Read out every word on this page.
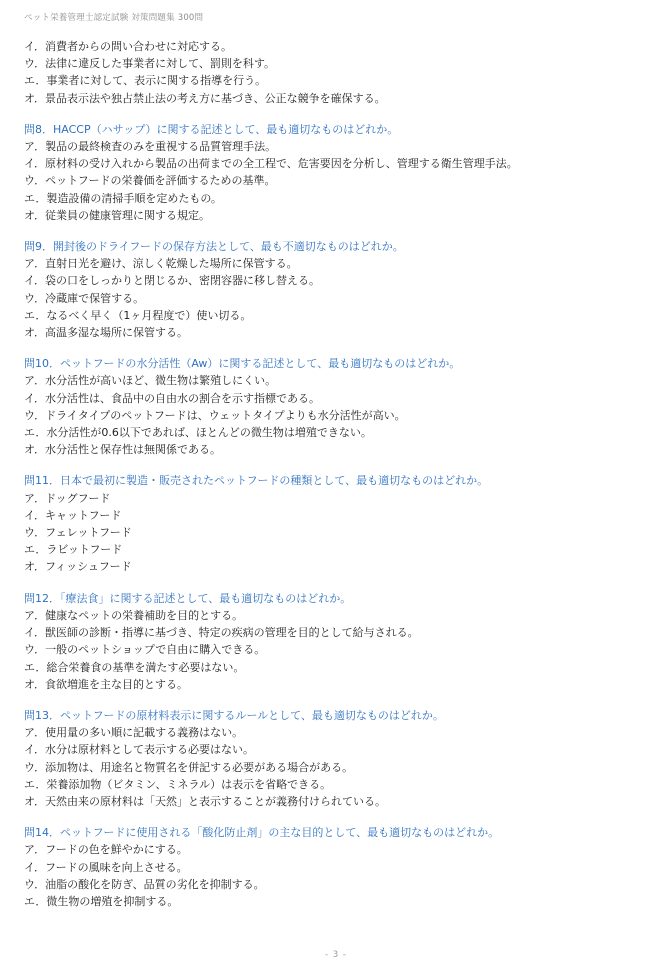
ペット栄養管理士認定試験 対策問題集 300問
イ．消費者からの問い合わせに対応する。
ウ．法律に違反した事業者に対して、罰則を科す。
エ．事業者に対して、表示に関する指導を行う。
オ．景品表示法や独占禁止法の考え方に基づき、公正な競争を確保する。
問8．HACCP（ハサップ）に関する記述として、最も適切なものはどれか。
ア．製品の最終検査のみを重視する品質管理手法。
イ．原材料の受け入れから製品の出荷までの全工程で、危害要因を分析し、管理する衛生管理手法。
ウ．ペットフードの栄養価を評価するための基準。
エ．製造設備の清掃手順を定めたもの。
オ．従業員の健康管理に関する規定。
問9．開封後のドライフードの保存方法として、最も不適切なものはどれか。
ア．直射日光を避け、涼しく乾燥した場所に保管する。
イ．袋の口をしっかりと閉じるか、密閉容器に移し替える。
ウ．冷蔵庫で保管する。
エ．なるべく早く（1ヶ月程度で）使い切る。
オ．高温多湿な場所に保管する。
問10．ペットフードの水分活性（Aw）に関する記述として、最も適切なものはどれか。
ア．水分活性が高いほど、微生物は繁殖しにくい。
イ．水分活性は、食品中の自由水の割合を示す指標である。
ウ．ドライタイプのペットフードは、ウェットタイプよりも水分活性が高い。
エ．水分活性が0.6以下であれば、ほとんどの微生物は増殖できない。
オ．水分活性と保存性は無関係である。
問11．日本で最初に製造・販売されたペットフードの種類として、最も適切なものはどれか。
ア．ドッグフード
イ．キャットフード
ウ．フェレットフード
エ．ラビットフード
オ．フィッシュフード
問12．「療法食」に関する記述として、最も適切なものはどれか。
ア．健康なペットの栄養補助を目的とする。
イ．獣医師の診断・指導に基づき、特定の疾病の管理を目的として給与される。
ウ．一般のペットショップで自由に購入できる。
エ．総合栄養食の基準を満たす必要はない。
オ．食欲増進を主な目的とする。
問13．ペットフードの原材料表示に関するルールとして、最も適切なものはどれか。
ア．使用量の多い順に記載する義務はない。
イ．水分は原材料として表示する必要はない。
ウ．添加物は、用途名と物質名を併記する必要がある場合がある。
エ．栄養添加物（ビタミン、ミネラル）は表示を省略できる。
オ．天然由来の原材料は「天然」と表示することが義務付けられている。
問14．ペットフードに使用される「酸化防止剤」の主な目的として、最も適切なものはどれか。
ア．フードの色を鮮やかにする。
イ．フードの風味を向上させる。
ウ．油脂の酸化を防ぎ、品質の劣化を抑制する。
エ．微生物の増殖を抑制する。
- 3 -
